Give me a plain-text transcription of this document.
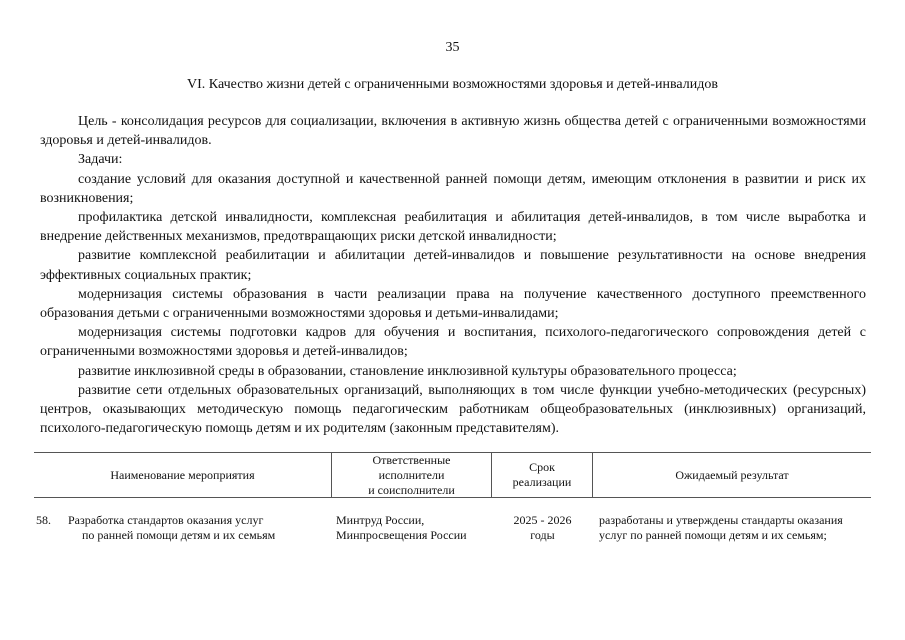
35
VI. Качество жизни детей с ограниченными возможностями здоровья и детей-инвалидов

Цель - консолидация ресурсов для социализации, включения в активную жизнь общества детей с ограниченными возможностями здоровья и детей-инвалидов.

Задачи:

создание условий для оказания доступной и качественной ранней помощи детям, имеющим отклонения в развитии и риск их возникновения;

профилактика детской инвалидности, комплексная реабилитация и абилитация детей-инвалидов, в том числе выработка и внедрение действенных механизмов, предотвращающих риски детской инвалидности;

развитие комплексной реабилитации и абилитации детей-инвалидов и повышение результативности на основе внедрения эффективных социальных практик;

модернизация системы образования в части реализации права на получение качественного доступного преемственного образования детьми с ограниченными возможностями здоровья и детьми-инвалидами;

модернизация системы подготовки кадров для обучения и воспитания, психолого-педагогического сопровождения детей с ограниченными возможностями здоровья и детей-инвалидов;

развитие инклюзивной среды в образовании, становление инклюзивной культуры образовательного процесса;

развитие сети отдельных образовательных организаций, выполняющих в том числе функции учебно-методических (ресурсных) центров, оказывающих методическую помощь педагогическим работникам общеобразовательных (инклюзивных) организаций, психолого-педагогическую помощь детям и их родителям (законным представителям).

Наименование мероприятия
Ответственные
исполнители
и соисполнители
Срок
реализации
Ожидаемый результат
58.	Разработка стандартов оказания услуг
по ранней помощи детям и их семьям
Минтруд России,
Минпросвещения России
2025 - 2026
годы
разработаны и утверждены стандарты оказания
услуг по ранней помощи детям и их семьям;
